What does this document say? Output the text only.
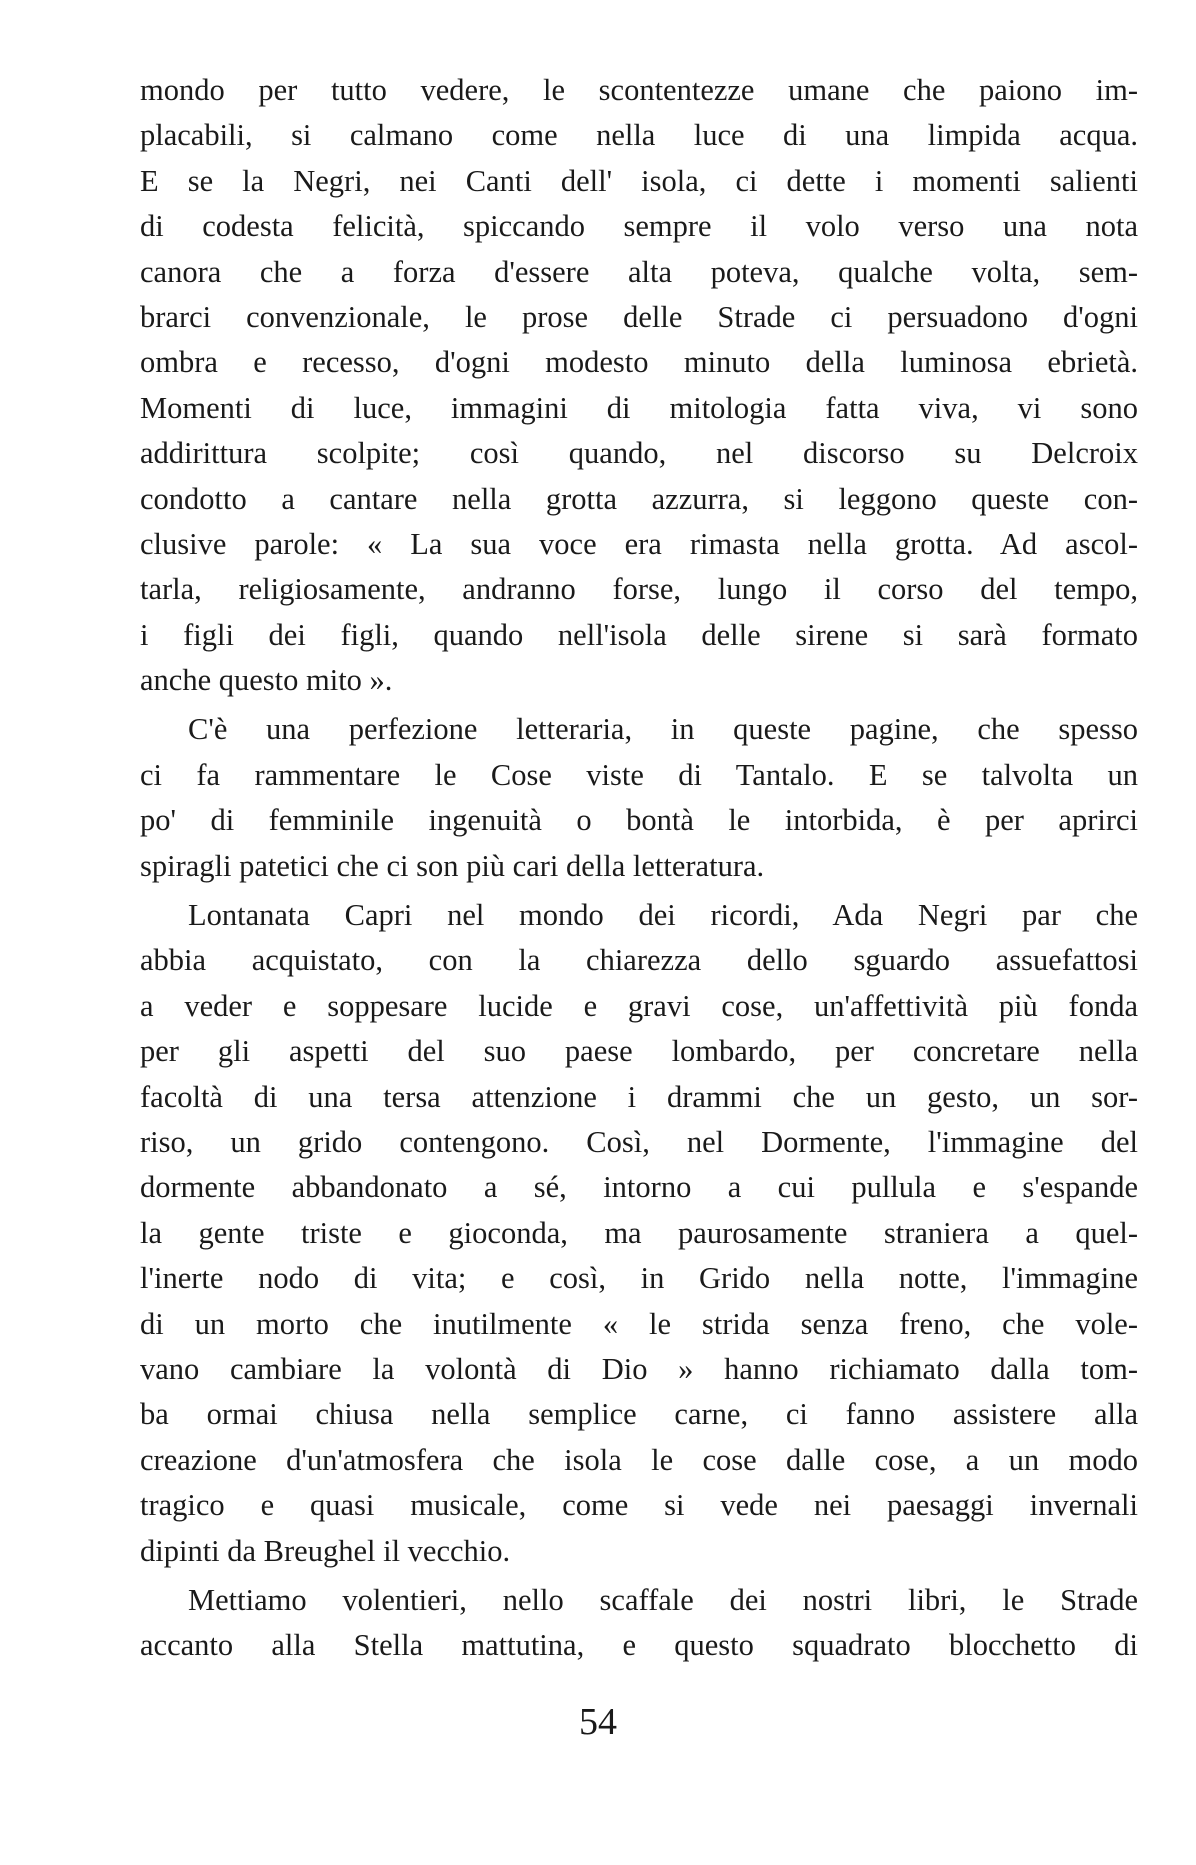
mondo per tutto vedere, le scontentezze umane che paiono im-
placabili, si calmano come nella luce di una limpida acqua.
E se la Negri, nei Canti dell' isola, ci dette i momenti salienti
di codesta felicità, spiccando sempre il volo verso una nota
canora che a forza d'essere alta poteva, qualche volta, sem-
brarci convenzionale, le prose delle Strade ci persuadono d'ogni
ombra e recesso, d'ogni modesto minuto della luminosa ebrietà.
Momenti di luce, immagini di mitologia fatta viva, vi sono
addirittura scolpite; così quando, nel discorso su Delcroix
condotto a cantare nella grotta azzurra, si leggono queste con-
clusive parole: « La sua voce era rimasta nella grotta. Ad ascol-
tarla, religiosamente, andranno forse, lungo il corso del tempo,
i figli dei figli, quando nell'isola delle sirene si sarà formato
anche questo mito ».
C'è una perfezione letteraria, in queste pagine, che spesso
ci fa rammentare le Cose viste di Tantalo. E se talvolta un
po' di femminile ingenuità o bontà le intorbida, è per aprirci
spiragli patetici che ci son più cari della letteratura.
Lontanata Capri nel mondo dei ricordi, Ada Negri par che
abbia acquistato, con la chiarezza dello sguardo assuefattosi
a veder e soppesare lucide e gravi cose, un'affettività più fonda
per gli aspetti del suo paese lombardo, per concretare nella
facoltà di una tersa attenzione i drammi che un gesto, un sor-
riso, un grido contengono. Così, nel Dormente, l'immagine del
dormente abbandonato a sé, intorno a cui pullula e s'espande
la gente triste e gioconda, ma paurosamente straniera a quel-
l'inerte nodo di vita; e così, in Grido nella notte, l'immagine
di un morto che inutilmente « le strida senza freno, che vole-
vano cambiare la volontà di Dio » hanno richiamato dalla tom-
ba ormai chiusa nella semplice carne, ci fanno assistere alla
creazione d'un'atmosfera che isola le cose dalle cose, a un modo
tragico e quasi musicale, come si vede nei paesaggi invernali
dipinti da Breughel il vecchio.
Mettiamo volentieri, nello scaffale dei nostri libri, le Strade
accanto alla Stella mattutina, e questo squadrato blocchetto di
54
